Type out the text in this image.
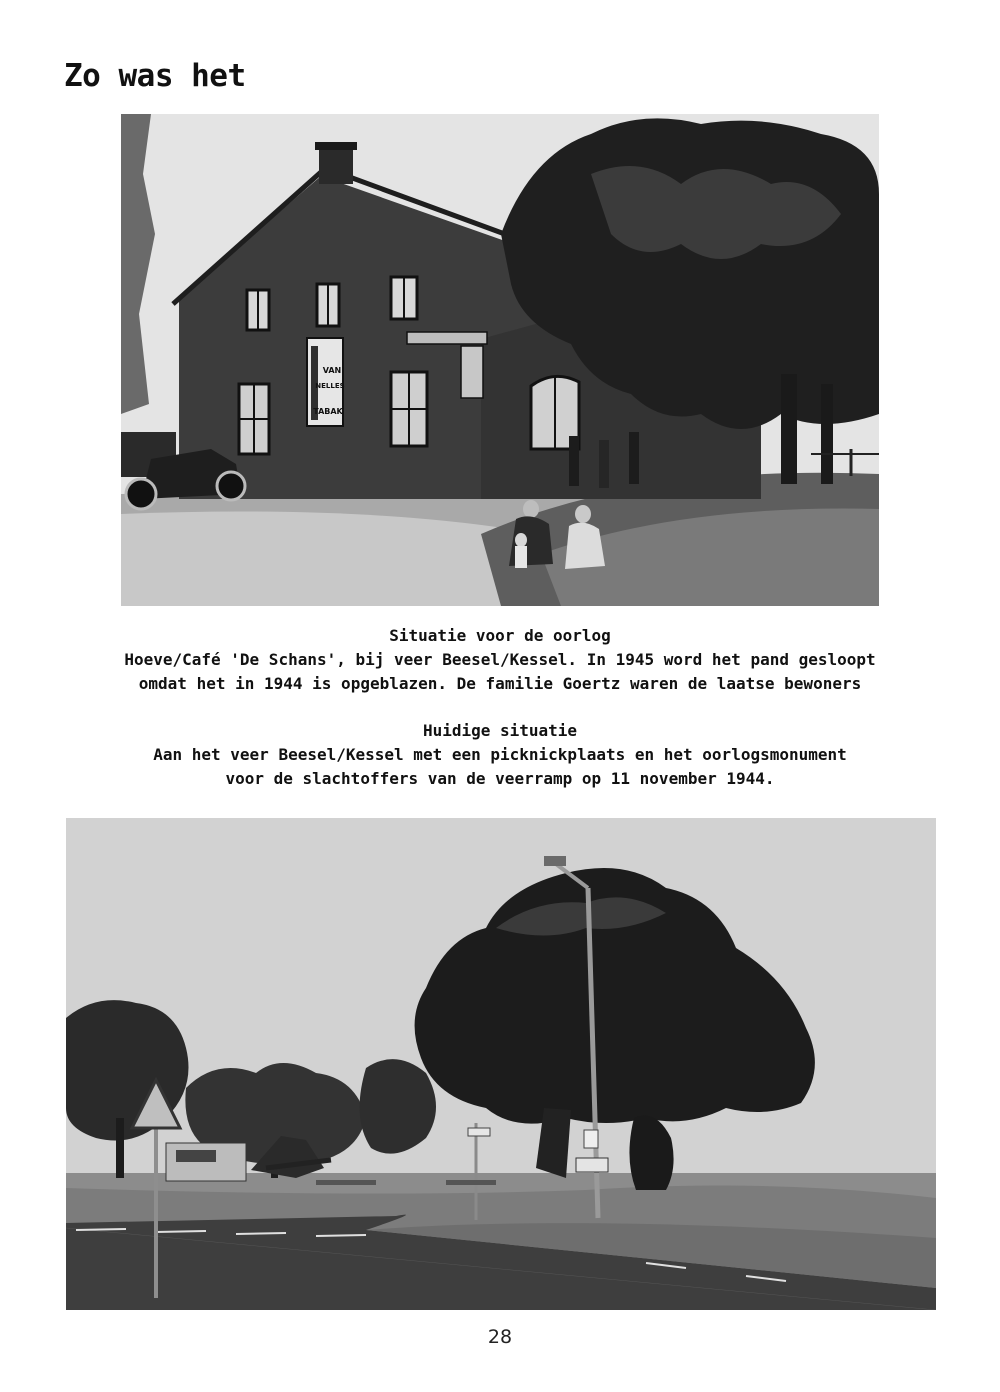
Zo was het
VAN
NELLES
TABAK

Situatie voor de oorlog

Hoeve/Café 'De Schans', bij veer Beesel/Kessel. In 1945 word het pand gesloopt

omdat het in 1944 is opgeblazen. De familie Goertz waren de laatse bewoners

Huidige situatie

Aan het veer Beesel/Kessel met een picknickplaats en het oorlogsmonument

voor de slachtoffers van de veerramp op 11 november 1944.

28
